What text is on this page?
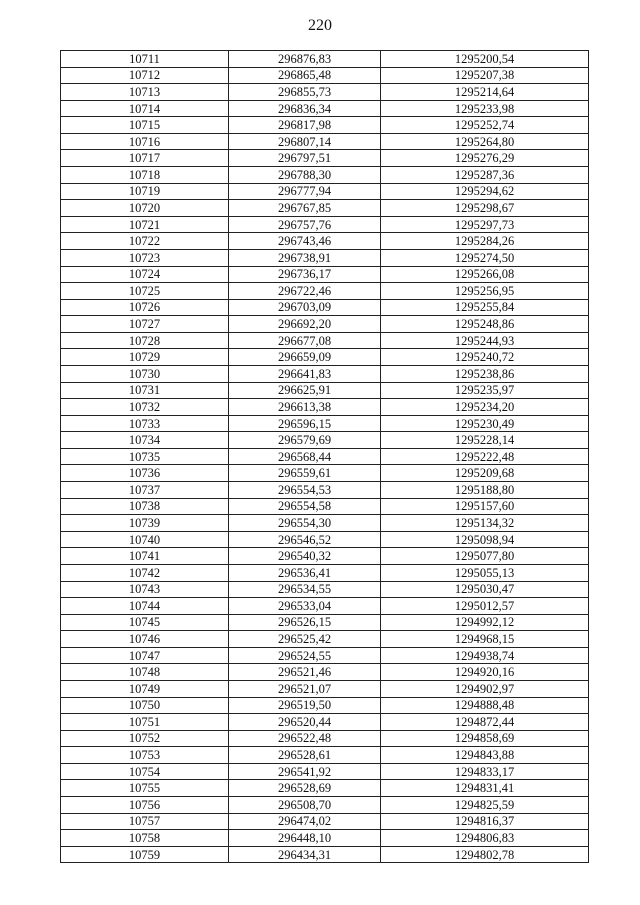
220
10711	296876,83	1295200,54
10712	296865,48	1295207,38
10713	296855,73	1295214,64
10714	296836,34	1295233,98
10715	296817,98	1295252,74
10716	296807,14	1295264,80
10717	296797,51	1295276,29
10718	296788,30	1295287,36
10719	296777,94	1295294,62
10720	296767,85	1295298,67
10721	296757,76	1295297,73
10722	296743,46	1295284,26
10723	296738,91	1295274,50
10724	296736,17	1295266,08
10725	296722,46	1295256,95
10726	296703,09	1295255,84
10727	296692,20	1295248,86
10728	296677,08	1295244,93
10729	296659,09	1295240,72
10730	296641,83	1295238,86
10731	296625,91	1295235,97
10732	296613,38	1295234,20
10733	296596,15	1295230,49
10734	296579,69	1295228,14
10735	296568,44	1295222,48
10736	296559,61	1295209,68
10737	296554,53	1295188,80
10738	296554,58	1295157,60
10739	296554,30	1295134,32
10740	296546,52	1295098,94
10741	296540,32	1295077,80
10742	296536,41	1295055,13
10743	296534,55	1295030,47
10744	296533,04	1295012,57
10745	296526,15	1294992,12
10746	296525,42	1294968,15
10747	296524,55	1294938,74
10748	296521,46	1294920,16
10749	296521,07	1294902,97
10750	296519,50	1294888,48
10751	296520,44	1294872,44
10752	296522,48	1294858,69
10753	296528,61	1294843,88
10754	296541,92	1294833,17
10755	296528,69	1294831,41
10756	296508,70	1294825,59
10757	296474,02	1294816,37
10758	296448,10	1294806,83
10759	296434,31	1294802,78
